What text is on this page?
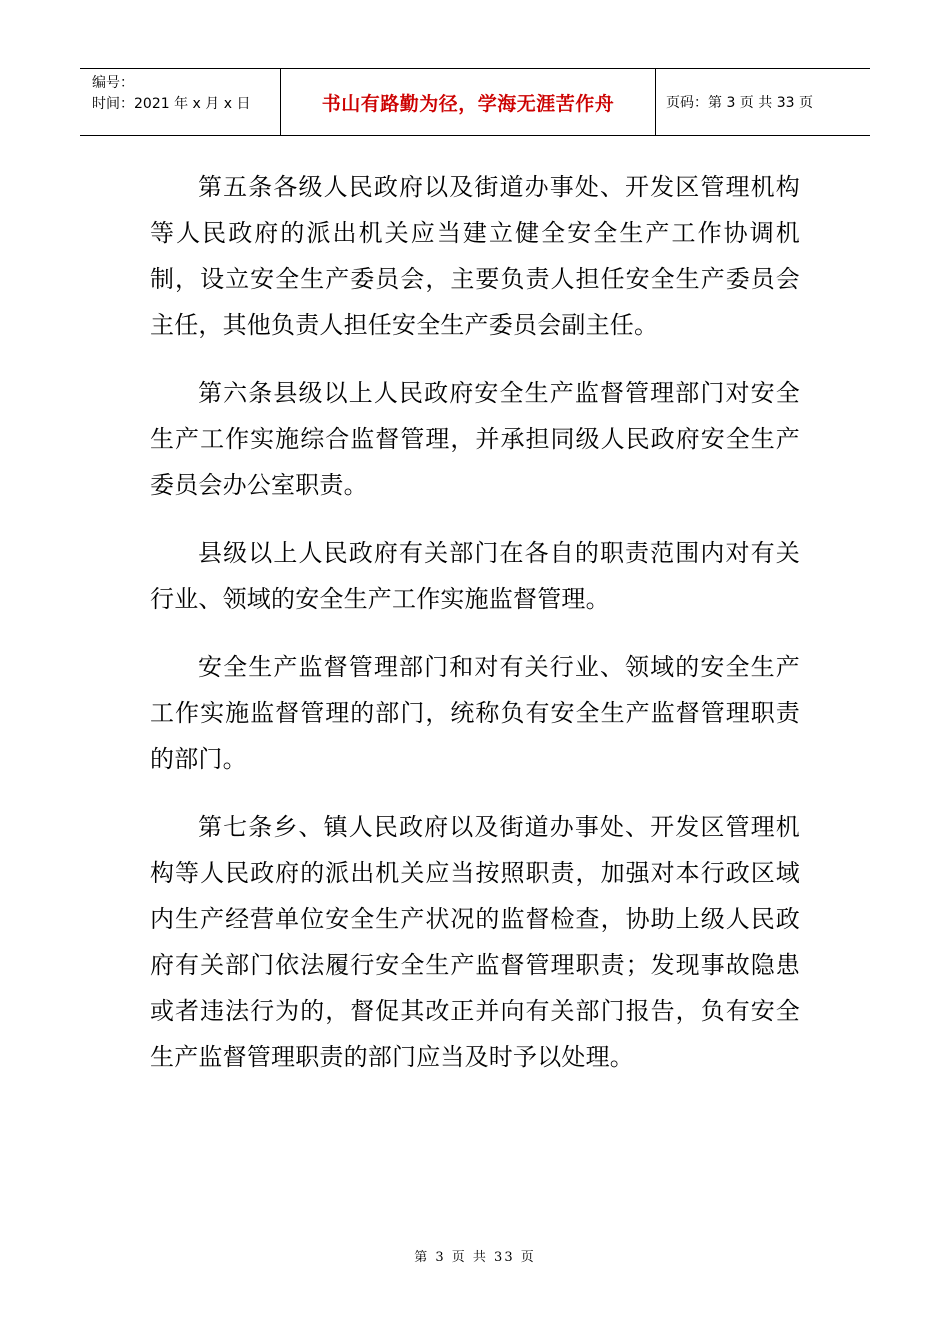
编号：
时间：2021 年 x 月 x 日	书山有路勤为径，学海无涯苦作舟	页码：第 3 页 共 33 页

第五条各级人民政府以及街道办事处、开发区管理机构等人民政府的派出机关应当建立健全安全生产工作协调机制，设立安全生产委员会，主要负责人担任安全生产委员会主任，其他负责人担任安全生产委员会副主任。

第六条县级以上人民政府安全生产监督管理部门对安全生产工作实施综合监督管理，并承担同级人民政府安全生产委员会办公室职责。

县级以上人民政府有关部门在各自的职责范围内对有关行业、领域的安全生产工作实施监督管理。

安全生产监督管理部门和对有关行业、领域的安全生产工作实施监督管理的部门，统称负有安全生产监督管理职责的部门。

第七条乡、镇人民政府以及街道办事处、开发区管理机构等人民政府的派出机关应当按照职责，加强对本行政区域内生产经营单位安全生产状况的监督检查，协助上级人民政府有关部门依法履行安全生产监督管理职责；发现事故隐患或者违法行为的，督促其改正并向有关部门报告，负有安全生产监督管理职责的部门应当及时予以处理。

第 3 页 共 33 页
